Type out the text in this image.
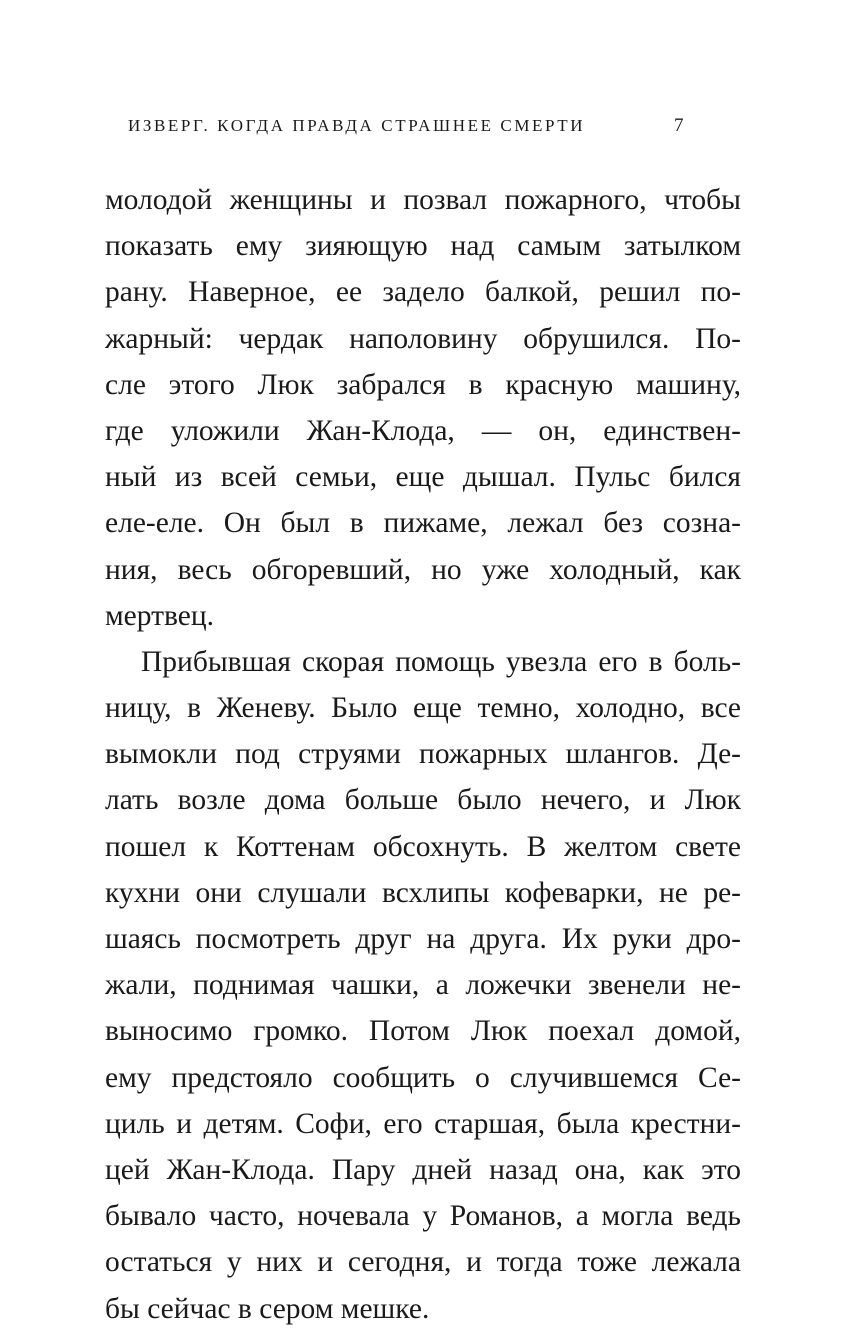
ИЗВЕРГ. КОГДА ПРАВДА СТРАШНЕЕ СМЕРТИ	7
молодой женщины и позвал пожарного, чтобы
показать ему зияющую над самым затылком
рану. Наверное, ее задело балкой, решил по-
жарный: чердак наполовину обрушился. По-
сле этого Люк забрался в красную машину,
где уложили Жан-Клода, — он, единствен-
ный из всей семьи, еще дышал. Пульс бился
еле-еле. Он был в пижаме, лежал без созна-
ния, весь обгоревший, но уже холодный, как
мертвец.
Прибывшая скорая помощь увезла его в боль-
ницу, в Женеву. Было еще темно, холодно, все
вымокли под струями пожарных шлангов. Де-
лать возле дома больше было нечего, и Люк
пошел к Коттенам обсохнуть. В желтом свете
кухни они слушали всхлипы кофеварки, не ре-
шаясь посмотреть друг на друга. Их руки дро-
жали, поднимая чашки, а ложечки звенели не-
выносимо громко. Потом Люк поехал домой,
ему предстояло сообщить о случившемся Се-
циль и детям. Софи, его старшая, была крестни-
цей Жан-Клода. Пару дней назад она, как это
бывало часто, ночевала у Романов, а могла ведь
остаться у них и сегодня, и тогда тоже лежала
бы сейчас в сером мешке.
